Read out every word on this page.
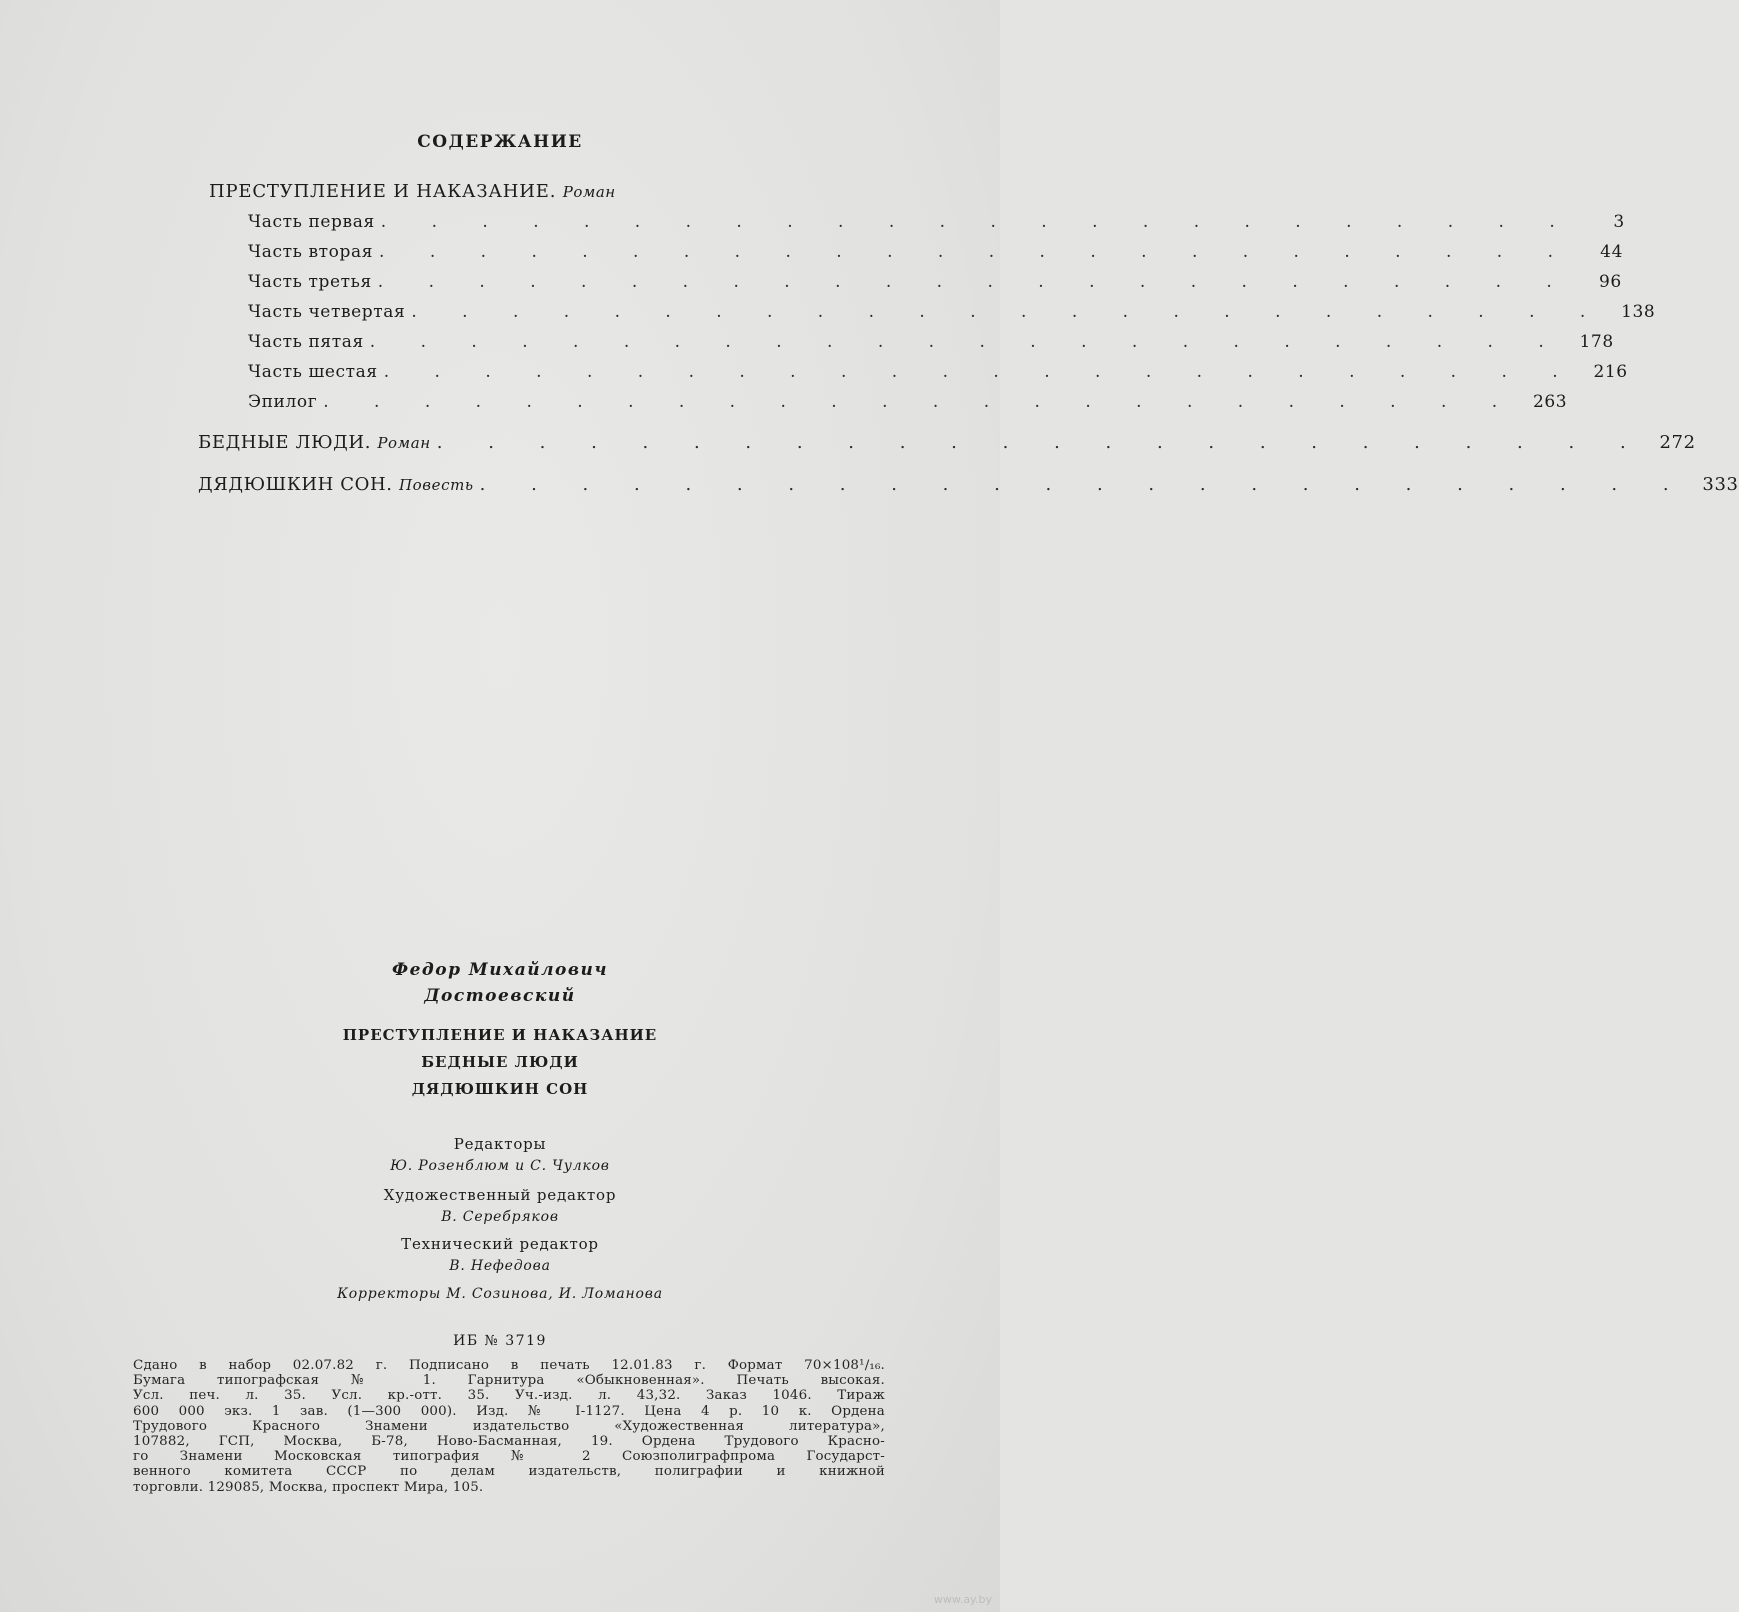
СОДЕРЖАНИЕ
ПРЕСТУПЛЕНИЕ И НАКАЗАНИЕ. Роман
Часть первая . . . . . . . . . . . . . . . . . . . . . . . .	3
Часть вторая . . . . . . . . . . . . . . . . . . . . . . . .	44
Часть третья . . . . . . . . . . . . . . . . . . . . . . . .	96
Часть четвертая . . . . . . . . . . . . . . . . . . . . . . . . 138
Часть пятая . . . . . . . . . . . . . . . . . . . . . . . . 178
Часть шестая . . . . . . . . . . . . . . . . . . . . . . . . 216
Эпилог . . . . . . . . . . . . . . . . . . . . . . . . 263
БЕДНЫЕ ЛЮДИ. Роман . . . . . . . . . . . . . . . . . . . . . . . . 272
ДЯДЮШКИН СОН. Повесть . . . . . . . . . . . . . . . . . . . . . . . . 333
Федор Михайлович
Достоевский
ПРЕСТУПЛЕНИЕ И НАКАЗАНИЕ
БЕДНЫЕ ЛЮДИ
ДЯДЮШКИН СОН
Редакторы
Ю. Розенблюм и С. Чулков
Художественный редактор
В. Серебряков
Технический редактор
В. Нефедова
Корректоры М. Созинова, И. Ломанова
ИБ № 3719
Сдано в набор 02.07.82 г. Подписано в печать 12.01.83 г. Формат 70×108¹/₁₆.
Бумага типографская № 1. Гарнитура «Обыкновенная». Печать высокая.
Усл. печ. л. 35. Усл. кр.-отт. 35. Уч.-изд. л. 43,32. Заказ 1046. Тираж
600 000 экз. 1 зав. (1—300 000). Изд. № I-1127. Цена 4 р. 10 к. Ордена
Трудового Красного Знамени издательство «Художественная литература»,
107882, ГСП, Москва, Б-78, Ново-Басманная, 19. Ордена Трудового Красно-
го Знамени Московская типография № 2 Союзполиграфпрома Государст-
венного комитета СССР по делам издательств, полиграфии и книжной
торговли. 129085, Москва, проспект Мира, 105.
www.ay.by
